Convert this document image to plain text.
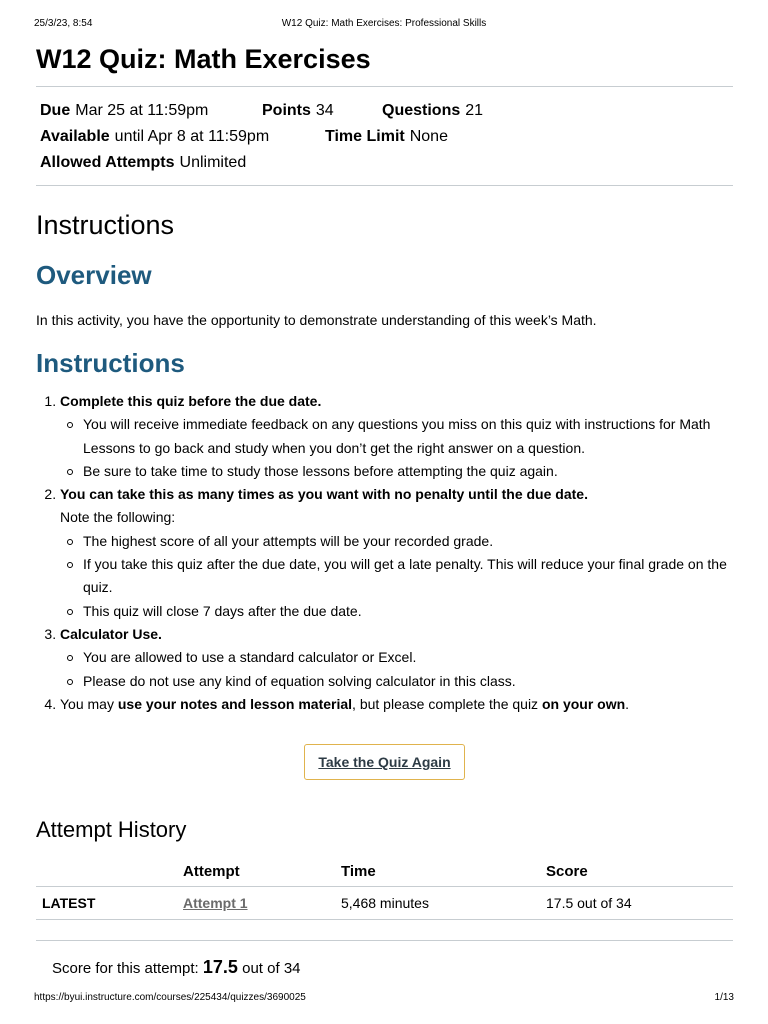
25/3/23, 8:54	W12 Quiz: Math Exercises: Professional Skills
W12 Quiz: Math Exercises
Due Mar 25 at 11:59pm	Points 34	Questions 21
Available until Apr 8 at 11:59pm	Time Limit None
Allowed Attempts Unlimited
Instructions
Overview

In this activity, you have the opportunity to demonstrate understanding of this week’s Math.

Instructions
1. Complete this quiz before the due date.
You will receive immediate feedback on any questions you miss on this quiz with instructions for Math Lessons to go back and study when you don’t get the right answer on a question.
Be sure to take time to study those lessons before attempting the quiz again.
2. You can take this as many times as you want with no penalty until the due date.
Note the following:
The highest score of all your attempts will be your recorded grade.
If you take this quiz after the due date, you will get a late penalty. This will reduce your final grade on the quiz.
This quiz will close 7 days after the due date.
3. Calculator Use.
You are allowed to use a standard calculator or Excel.
Please do not use any kind of equation solving calculator in this class.
4. You may use your notes and lesson material, but please complete the quiz on your own.
Take the Quiz Again
Attempt History
	Attempt	Time	Score
LATEST	Attempt 1	5,468 minutes	17.5 out of 34
Score for this attempt: 17.5 out of 34
https://byui.instructure.com/courses/225434/quizzes/3690025	1/13
